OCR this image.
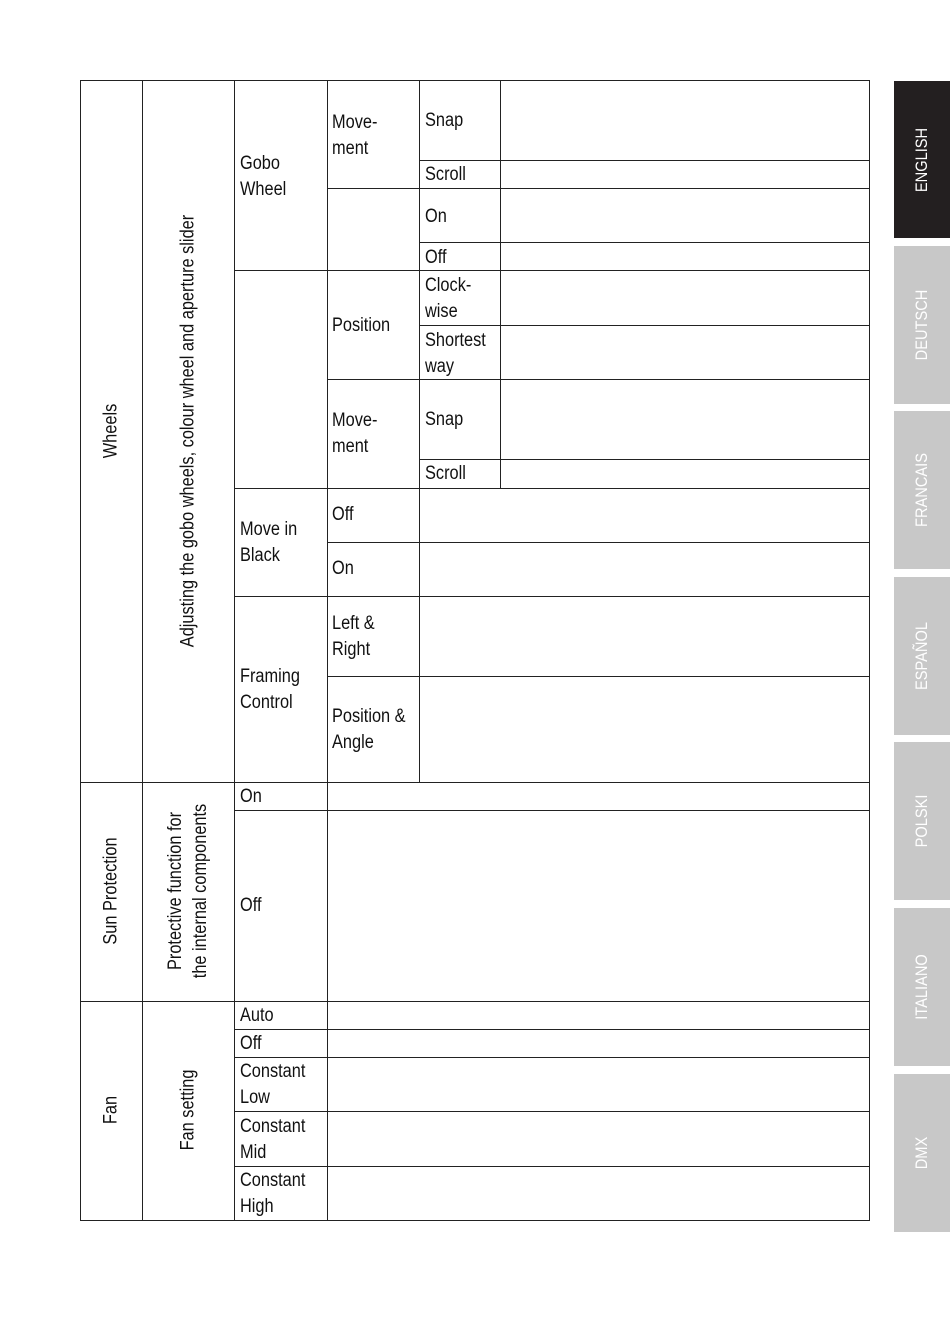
Wheels	Adjusting the gobo wheels, colour wheel and aperture slider
Gobo
Wheel
Move-
ment
Snap
Scroll
On
Off
Position
Clock-
wise
Shortest
way
Move-
ment
Snap
Scroll
Move in
Black
Off
On
Framing
Control
Left &
Right
Position &
Angle
Sun Protection Protective function for the internal components
On
Off
Fan	Fan setting
Auto
Off
Constant
Low
Constant
Mid
Constant
High
ENGLISH
DEUTSCH
FRANCAIS
ESPAÑOL
POLSKI
ITALIANO
DMX
